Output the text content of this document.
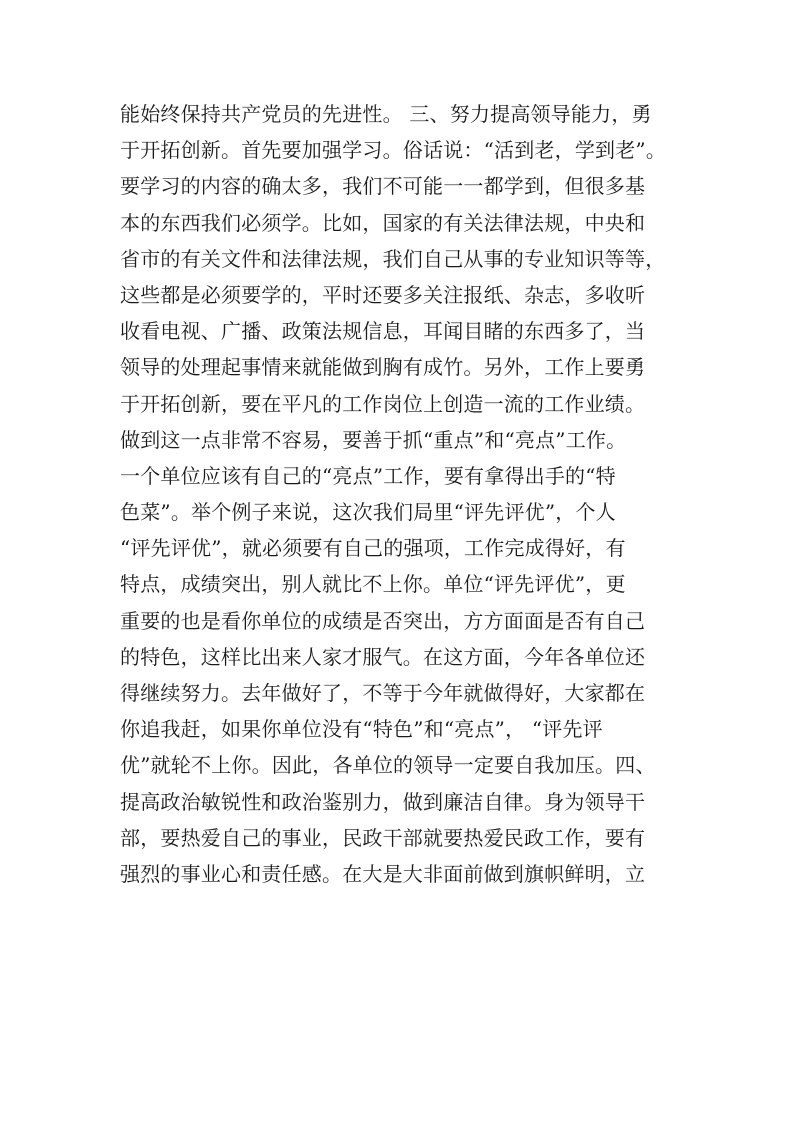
能始终保持共产党员的先进性。 三、努力提高领导能力，勇
于开拓创新。首先要加强学习。俗话说：“活到老，学到老”。
要学习的内容的确太多，我们不可能一一都学到，但很多基
本的东西我们必须学。比如，国家的有关法律法规，中央和
省市的有关文件和法律法规，我们自己从事的专业知识等等，
这些都是必须要学的，平时还要多关注报纸、杂志，多收听
收看电视、广播、政策法规信息，耳闻目睹的东西多了，当
领导的处理起事情来就能做到胸有成竹。另外，工作上要勇
于开拓创新，要在平凡的工作岗位上创造一流的工作业绩。
做到这一点非常不容易，要善于抓“重点”和“亮点”工作。
一个单位应该有自己的“亮点”工作，要有拿得出手的“特
色菜”。举个例子来说，这次我们局里“评先评优”，个人
“评先评优”，就必须要有自己的强项，工作完成得好，有
特点，成绩突出，别人就比不上你。单位“评先评优”，更
重要的也是看你单位的成绩是否突出，方方面面是否有自己
的特色，这样比出来人家才服气。在这方面，今年各单位还
得继续努力。去年做好了，不等于今年就做得好，大家都在
你追我赶，如果你单位没有“特色”和“亮点”， “评先评
优”就轮不上你。因此，各单位的领导一定要自我加压。四、
提高政治敏锐性和政治鉴别力，做到廉洁自律。身为领导干
部，要热爱自己的事业，民政干部就要热爱民政工作，要有
强烈的事业心和责任感。在大是大非面前做到旗帜鲜明，立
